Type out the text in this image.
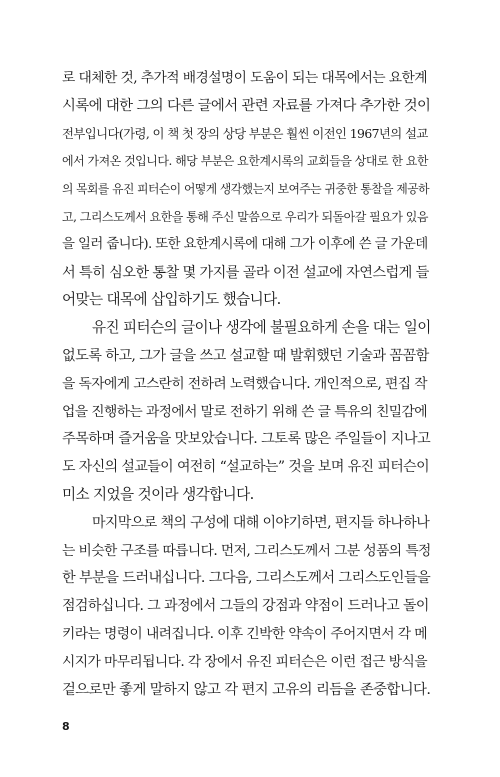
로 대체한 것, 추가적 배경설명이 도움이 되는 대목에서는 요한계
시록에 대한 그의 다른 글에서 관련 자료를 가져다 추가한 것이
전부입니다(가령, 이 책 첫 장의 상당 부분은 훨씬 이전인 1967년의 설교
에서 가져온 것입니다. 해당 부분은 요한계시록의 교회들을 상대로 한 요한
의 목회를 유진 피터슨이 어떻게 생각했는지 보여주는 귀중한 통찰을 제공하
고, 그리스도께서 요한을 통해 주신 말씀으로 우리가 되돌아갈 필요가 있음
을 일러 줍니다). 또한 요한계시록에 대해 그가 이후에 쓴 글 가운데
서 특히 심오한 통찰 몇 가지를 골라 이전 설교에 자연스럽게 들
어맞는 대목에 삽입하기도 했습니다.
유진 피터슨의 글이나 생각에 불필요하게 손을 대는 일이
없도록 하고, 그가 글을 쓰고 설교할 때 발휘했던 기술과 꼼꼼함
을 독자에게 고스란히 전하려 노력했습니다. 개인적으로, 편집 작
업을 진행하는 과정에서 말로 전하기 위해 쓴 글 특유의 친밀감에
주목하며 즐거움을 맛보았습니다. 그토록 많은 주일들이 지나고
도 자신의 설교들이 여전히 “설교하는” 것을 보며 유진 피터슨이
미소 지었을 것이라 생각합니다.
마지막으로 책의 구성에 대해 이야기하면, 편지들 하나하나
는 비슷한 구조를 따릅니다. 먼저, 그리스도께서 그분 성품의 특정
한 부분을 드러내십니다. 그다음, 그리스도께서 그리스도인들을
점검하십니다. 그 과정에서 그들의 강점과 약점이 드러나고 돌이
키라는 명령이 내려집니다. 이후 긴박한 약속이 주어지면서 각 메
시지가 마무리됩니다. 각 장에서 유진 피터슨은 이런 접근 방식을
겉으로만 좋게 말하지 않고 각 편지 고유의 리듬을 존중합니다.
8
